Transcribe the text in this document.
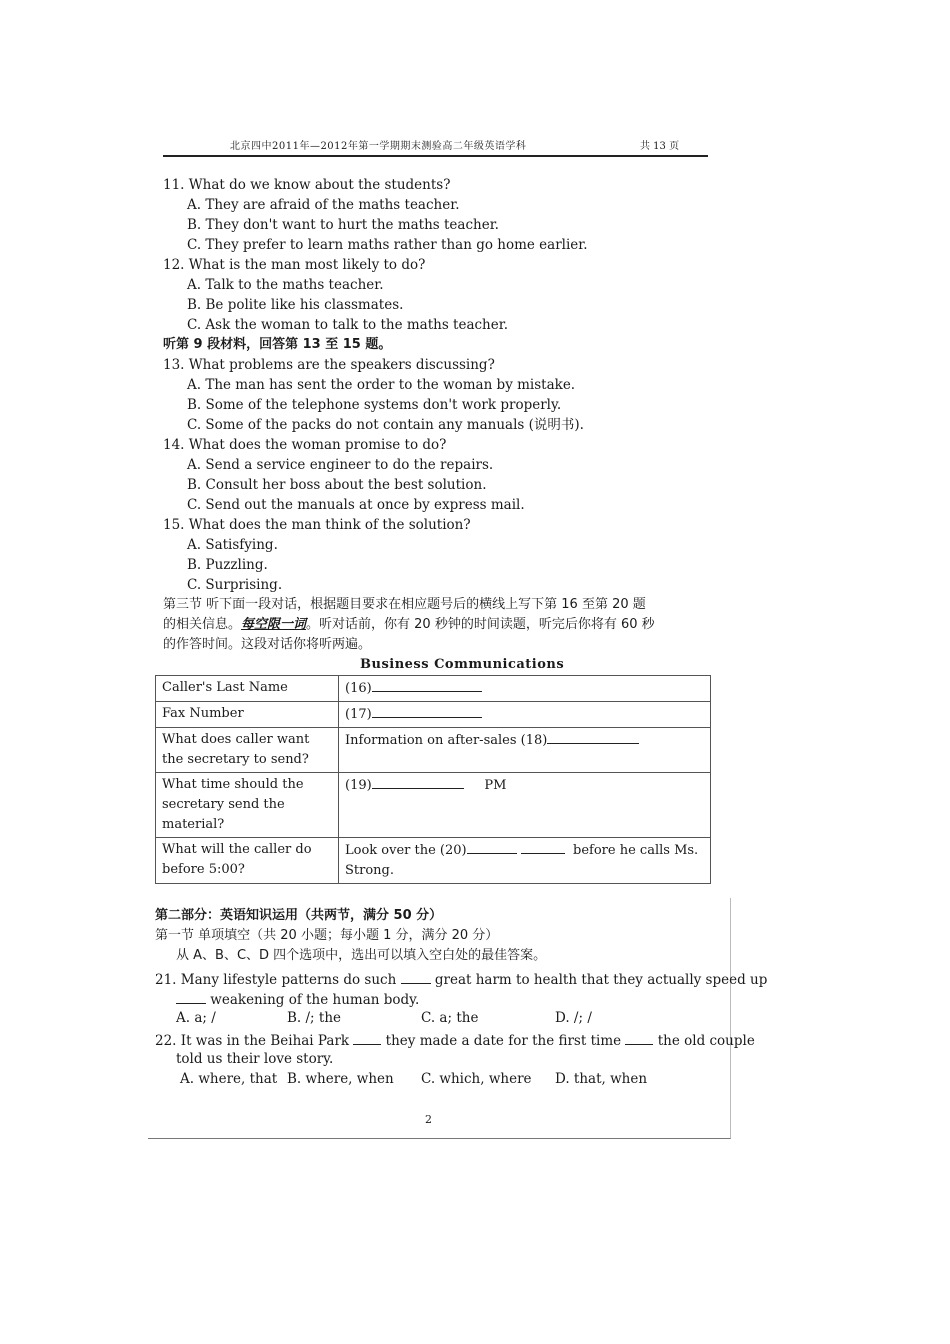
北京四中2011年—2012年第一学期期末测验高二年级英语学科	共 13 页
11. What do we know about the students?
A. They are afraid of the maths teacher.
B. They don't want to hurt the maths teacher.
C. They prefer to learn maths rather than go home earlier.
12. What is the man most likely to do?
A. Talk to the maths teacher.
B. Be polite like his classmates.
C. Ask the woman to talk to the maths teacher.
听第 9 段材料，回答第 13 至 15 题。
13. What problems are the speakers discussing?
A. The man has sent the order to the woman by mistake.
B. Some of the telephone systems don't work properly.
C. Some of the packs do not contain any manuals (说明书).
14. What does the woman promise to do?
A. Send a service engineer to do the repairs.
B. Consult her boss about the best solution.
C. Send out the manuals at once by express mail.
15. What does the man think of the solution?
A. Satisfying.
B. Puzzling.
C. Surprising.
第三节 听下面一段对话，根据题目要求在相应题号后的横线上写下第 16 至第 20 题
的相关信息。每空限一词。听对话前，你有 20 秒钟的时间读题，听完后你将有 60 秒
的作答时间。这段对话你将听两遍。
Business Communications
Caller's Last Name	(16)
Fax Number	(17)
What does caller want the secretary to send?	Information on after-sales (18)
What time should the secretary send the material?	(19) PM
What will the caller do before 5:00?	Look over the (20) before he calls Ms. Strong.
第二部分：英语知识运用（共两节，满分 50 分）
第一节 单项填空（共 20 小题；每小题 1 分，满分 20 分）
从 A、B、C、D 四个选项中，选出可以填入空白处的最佳答案。
21. Many lifestyle patterns do such	great harm to health that they actually speed up
weakening of the human body.
A. a; /	B. /; the	C. a; the	D. /; /
22. It was in the Beihai Park	they made a date for the first time	the old couple
told us their love story.
A. where, that B. where, when C. which, where D. that, when
2
